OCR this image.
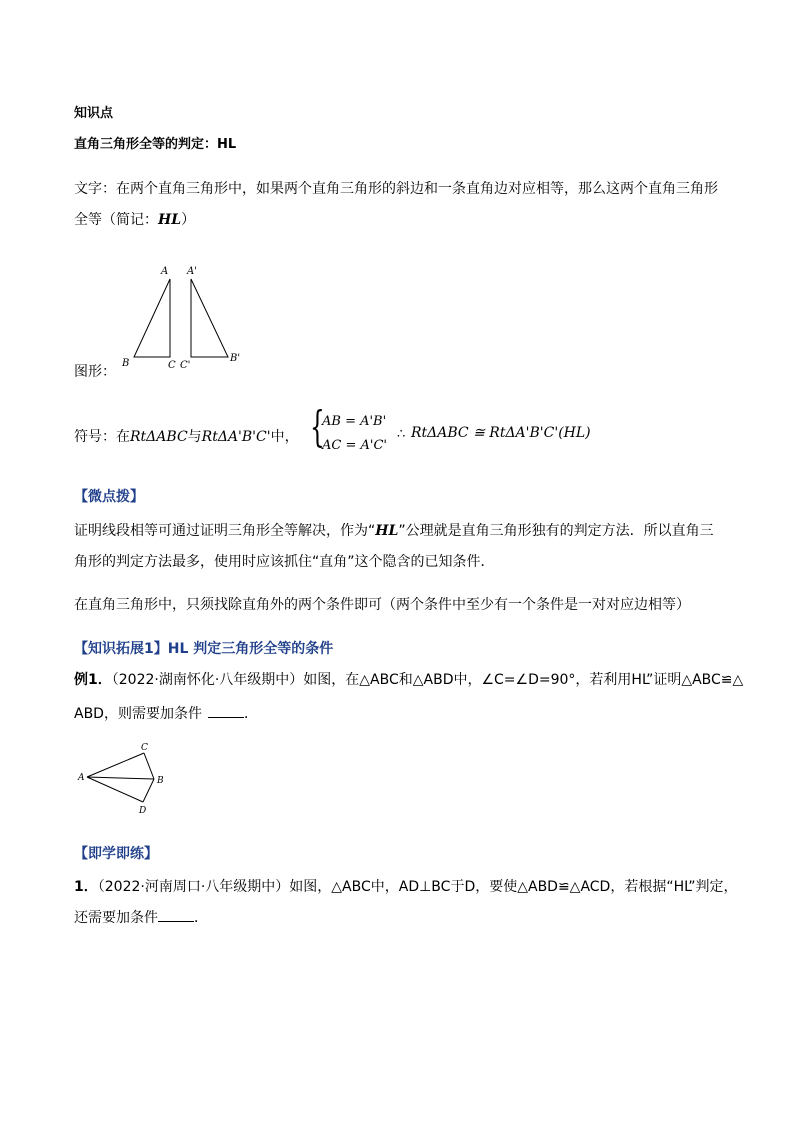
知识点
直角三角形全等的判定：HL
文字：在两个直角三角形中，如果两个直角三角形的斜边和一条直角边对应相等，那么这两个直角三角形
全等（简记：HL）
A
B	C
A'
C'
B'
图形：
符号：在RtΔABC与RtΔA'B'C'中， {
AB = A'B'
AC = A'C'
∴ RtΔABC ≅ RtΔA'B'C'(HL)
【微点拨】
证明线段相等可通过证明三角形全等解决，作为“HL”公理就是直角三角形独有的判定方法．所以直角三
角形的判定方法最多，使用时应该抓住“直角”这个隐含的已知条件．
在直角三角形中，只须找除直角外的两个条件即可（两个条件中至少有一个条件是一对对应边相等）
【知识拓展1】HL 判定三角形全等的条件
例1．（2022·湖南怀化·八年级期中）如图，在△ABC和△ABD中，∠C=∠D=90°，若利用HL”证明△ABC≌△
ABD，则需要加条件	．
C
A	B
D
【即学即练】
1．（2022·河南周口·八年级期中）如图，△ABC中，AD⊥BC于D，要使△ABD≌△ACD，若根据“HL”判定，
还需要加条件	．
